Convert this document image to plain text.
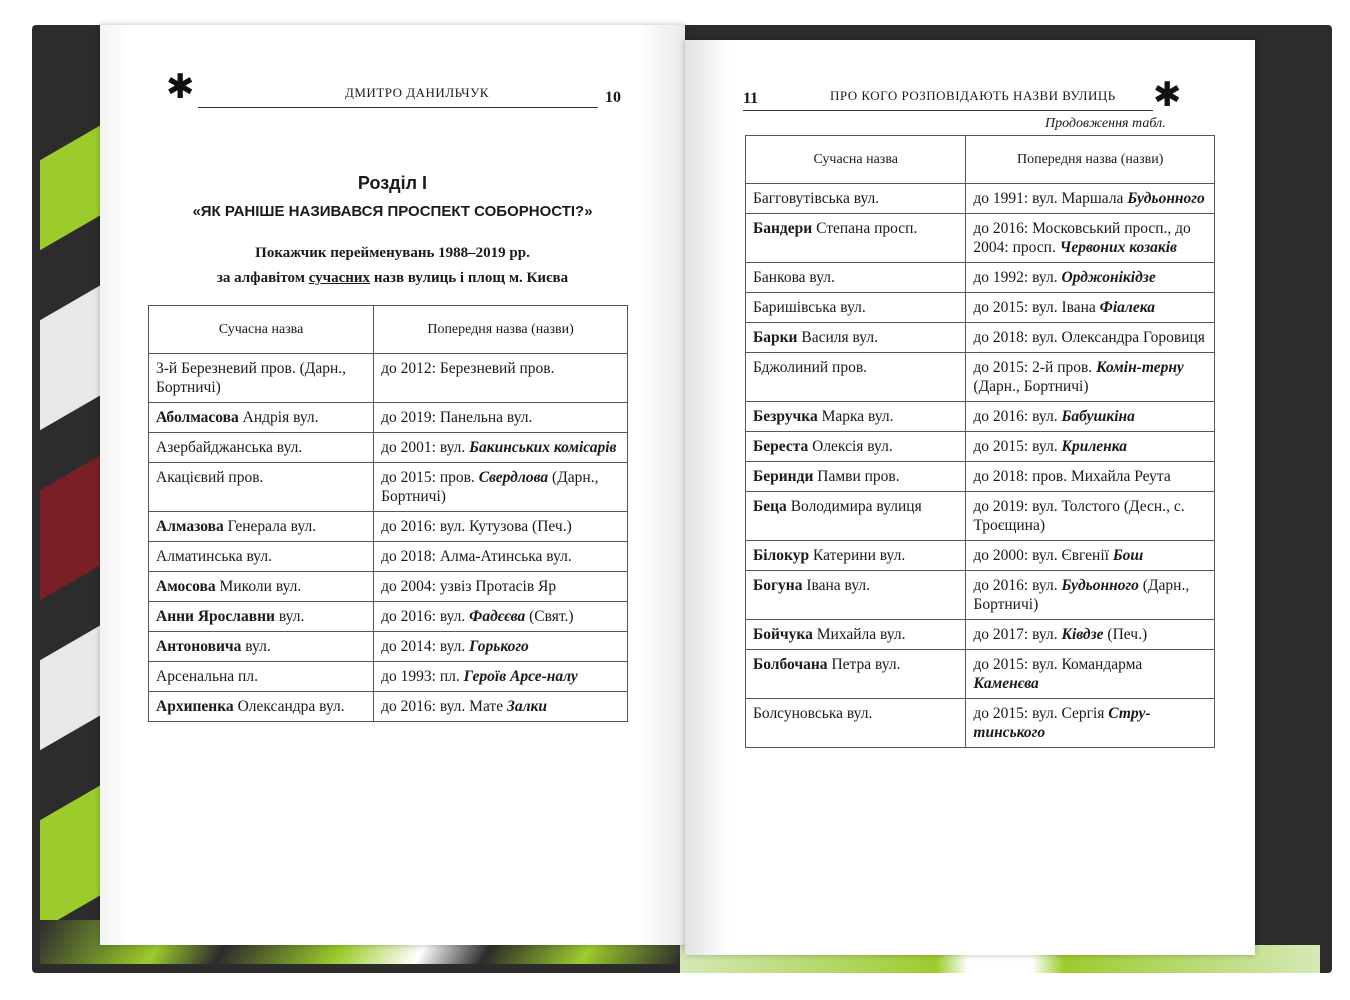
✱	ДМИТРО ДАНИЛЬЧУК	10
Розділ І
«ЯК РАНІШЕ НАЗИВАВСЯ ПРОСПЕКТ СОБОРНОСТІ?»
Покажчик перейменувань 1988–2019 рр.
за алфавітом сучасних назв вулиць і площ м. Києва
Сучасна назва	Попередня назва (назви)
3-й Березневий пров. (Дарн., Бортничі)	до 2012: Березневий пров.
Аболмасова Андрія вул.	до 2019: Панельна вул.
Азербайджанська вул.	до 2001: вул. Бакинських комісарів
Акацієвий пров.	до 2015: пров. Свердлова (Дарн., Бортничі)
Алмазова Генерала вул.	до 2016: вул. Кутузова (Печ.)
Алматинська вул.	до 2018: Алма-Атинська вул.
Амосова Миколи вул.	до 2004: узвіз Протасів Яр
Анни Ярославни вул.	до 2016: вул. Фадєєва (Свят.)
Антоновича вул.	до 2014: вул. Горького
Арсенальна пл.	до 1993: пл. Героїв Арсе-налу
Архипенка Олександра вул.	до 2016: вул. Мате Залки
11	ПРО КОГО РОЗПОВІДАЮТЬ НАЗВИ ВУЛИЦЬ ✱
Продовження табл.
Сучасна назва	Попередня назва (назви)
Багговутівська вул.	до 1991: вул. Маршала Будьонного
Бандери Степана просп.	до 2016: Московський просп., до 2004: просп. Червоних козаків
Банкова вул.	до 1992: вул. Орджонікідзе
Баришівська вул.	до 2015: вул. Івана Фіалека
Барки Василя вул.	до 2018: вул. Олександра Горовиця
Бджолиний пров.	до 2015: 2-й пров. Комін-терну (Дарн., Бортничі)
Безручка Марка вул.	до 2016: вул. Бабушкіна
Береста Олексія вул.	до 2015: вул. Криленка
Беринди Памви пров.	до 2018: пров. Михайла Реута
Беца Володимира вулиця	до 2019: вул. Толстого (Десн., с. Троєщина)
Білокур Катерини вул.	до 2000: вул. Євгенії Бош
Богуна Івана вул.	до 2016: вул. Будьонного (Дарн., Бортничі)
Бойчука Михайла вул.	до 2017: вул. Ківдзе (Печ.)
Болбочана Петра вул.	до 2015: вул. Командарма Каменєва
Болсуновська вул.	до 2015: вул. Сергія Стру-тинського
